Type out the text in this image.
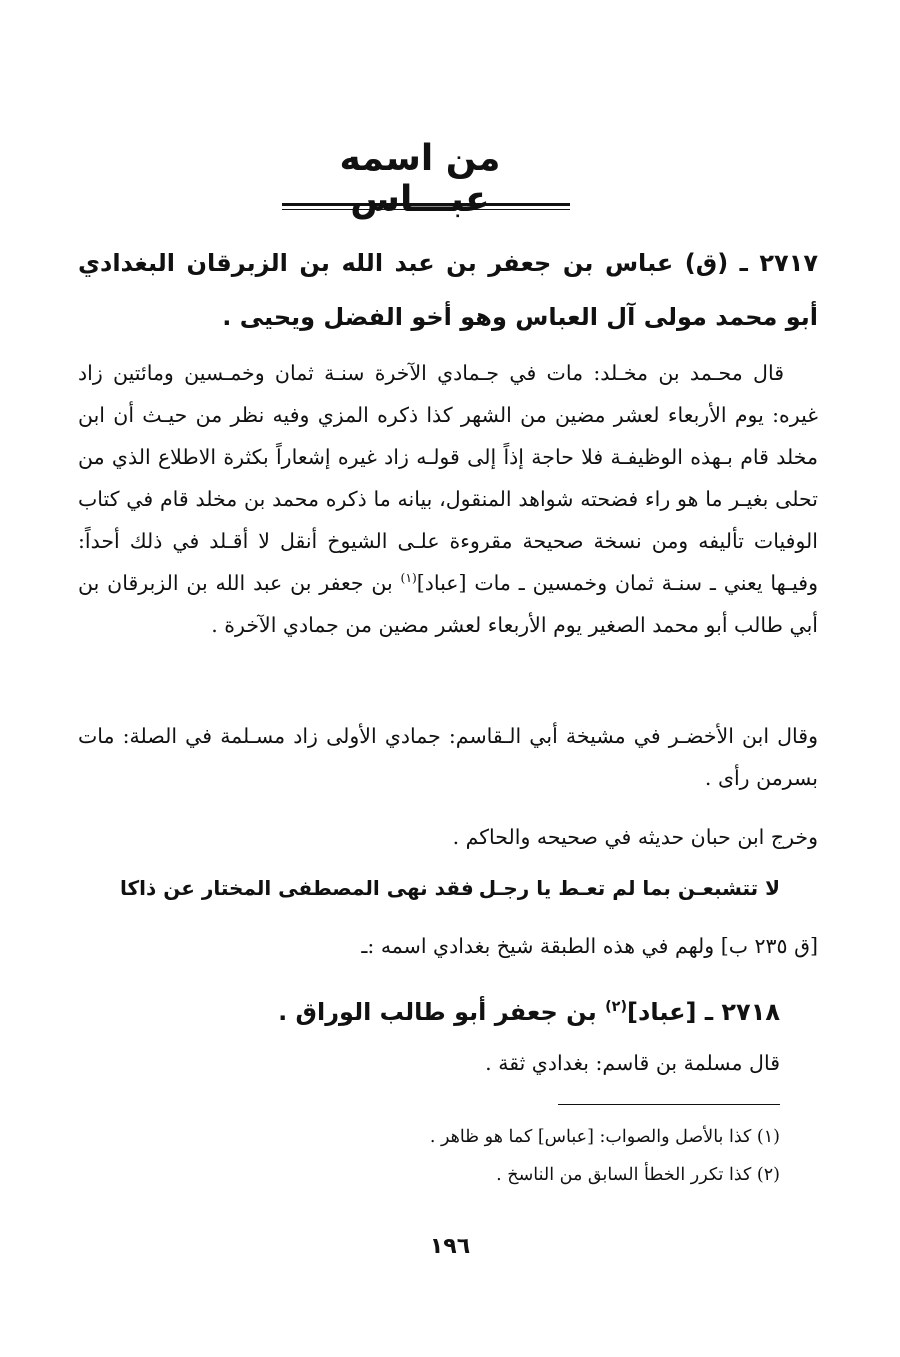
من اسمه عبـــاس
٢٧١٧ ـ (ق) عباس بن جعفر بن عبد الله بن الزبرقان البغدادي أبو محمد مولى آل العباس وهو أخو الفضل ويحيى .
قال محـمد بن مخـلد: مات في جـمادي الآخرة سنـة ثمان وخمـسين ومائتين زاد غيره: يوم الأربعاء لعشر مضين من الشهر كذا ذكره المزي وفيه نظر من حيـث أن ابن مخلد قام بـهذه الوظيفـة فلا حاجة إذاً إلى قولـه زاد غيره إشعاراً بكثرة الاطلاع الذي من تحلى بغيـر ما هو راء فضحته شواهد المنقول، بيانه ما ذكره محمد بن مخلد قام في كتاب الوفيات تأليفه ومن نسخة صحيحة مقروءة علـى الشيوخ أنقل لا أقـلد في ذلك أحداً: وفيـها يعني ـ سنـة ثمان وخمسين ـ مات [عباد]$^{(١)}$ بن جعفر بن عبد الله بن الزبرقان بن أبي طالب أبو محمد الصغير يوم الأربعاء لعشر مضين من جمادي الآخرة .
وقال ابن الأخضـر في مشيخة أبي الـقاسم: جمادي الأولى زاد مسـلمة في الصلة: مات بسرمن رأى .
وخرج ابن حبان حديثه في صحيحه والحاكم .
لا تتشبعـن بما لم تعـط يا رجـل
فقد نهى المصطفى المختار عن ذاكا
[ق ٢٣٥ ب] ولهم في هذه الطبقة شيخ بغدادي اسمه :ـ
٢٧١٨ ـ [عباد]$^{(٢)}$ بن جعفر أبو طالب الوراق .
قال مسلمة بن قاسم: بغدادي ثقة .
(١) كذا بالأصل والصواب: [عباس] كما هو ظاهر .
(٢) كذا تكرر الخطأ السابق من الناسخ .
١٩٦
